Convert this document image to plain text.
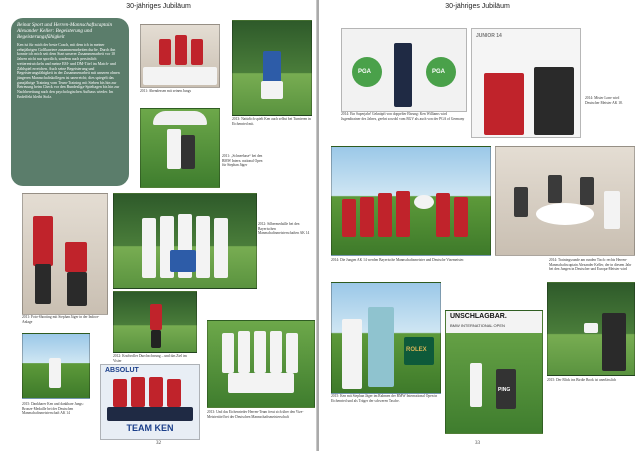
30-jähriges Jubiläum
Beinat Sport und Herren-Mannschaftscaptain Alexander Keller: Begeisterung und Begeisterungsfähigkeit
Ken ist für mich der beste Coach, mit dem ich in meiner zehnjährigen Golfkarriere zusammenarbeiten durfte. Durch ihn konnte ich mich seit dem Start unserer Zusammenarbeit vor 10 Jahren nicht nur sportlich, sondern auch persönlich weiterentwickeln und meine EM- und DM-Titel im Match- und Zählspiel erreichen. Auch seine Begeisterung und Begeisterungsfähigkeit in der Zusammenarbeit mit unseren ohnen jüngeren Mannschaftskollegen ist unerreicht; dies spiegelt das ganzjährige Training vom Team-Training mit Sieben bis hin zur Betreuung beim Check vor den Bundesliga-Spieltagen bis hin zur Nachbereitung nach den psychologischen Aufbaus wieder. Im Endeffekt bleibt Stolz.
2011: Abendessen mit seinen Jungs
2013: Natürlich spielt Ken auch selbst bei Turnieren in Eichenried mit.
2011: „Schneehase“ bei den BMW Intern. national Open für Stephan Jäger
2011: Foto-Shooting mit Stephan Jäger in der Indoor-Anlage
2012: Silbermedaille bei den Bayerischen Mannschaftsmeisterschaften AK 14
2012: Kraftvoller Durchschwung – und das Ziel im Visier
2015: Dankbarer Ken und dankbare Jungs: Bronze-Medaille bei der Deutschen Mannschaftsmeisterschaft AK 14
ABSOLUT
TEAM KEN
2013: Und das Eichenrieder Herren-Team freut sich über den Vize-Meistertitel bei der Deutschen Mannschaftsmeisterschaft
32
30-jähriges Jubiläum
PGA	PGA
2014: Ein Superjahr! Geknüpft von doppelter Ehrung: Ken Williams wird Jugendtrainer des Jahres, geehrt sowohl vom BGV als auch von der PGA of Germany
JUNIOR 14
2014: Mister Lone wird Deutscher Meister AK 18.
2014: Die Jungen AK 14 werden Bayerische Mannschaftsmeister und Deutsche Vizemeister.	2014: Trainingsrunde am runden Tisch: rechts Herren-Mannschaftscaptain Alexander Keller, der in diesem Jahr bei den Jungen in Deutscher und Europa-Meister wird
ROLEX
2015: Ken mit Stephan Jäger im Rahmen der BMW International Open in Eichenried und als Träger der schweren Tasche.
UNSCHLAGBAR.
BMW INTERNATIONAL OPEN
PING
2015: Der Blick ins Birdie Book ist unerlässlich
33
